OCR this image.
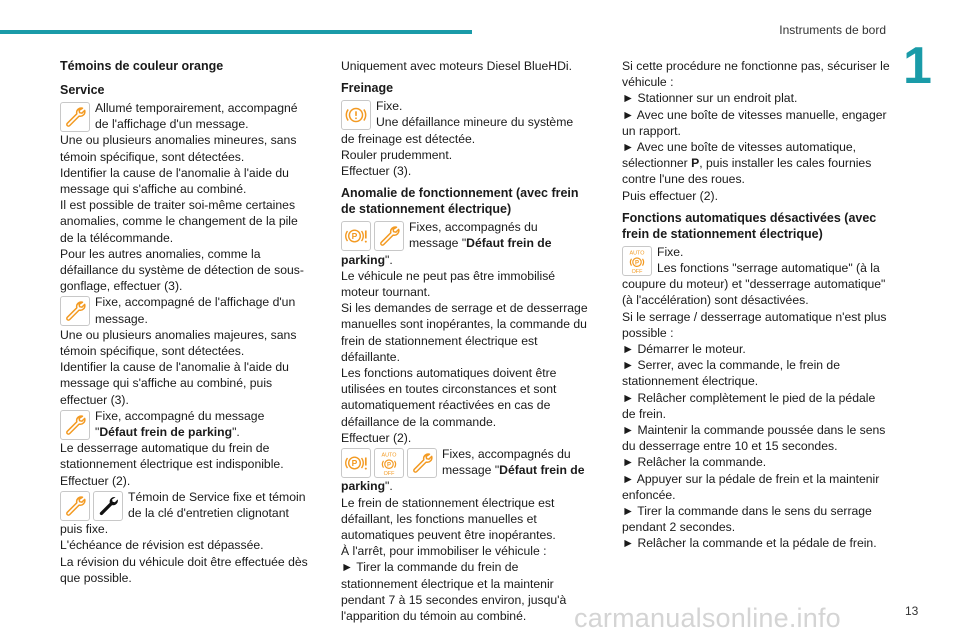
Instruments de bord
1
Témoins de couleur orange
Service

Allumé temporairement, accompagné de l'affichage d'un message.

Une ou plusieurs anomalies mineures, sans témoin spécifique, sont détectées.

Identifier la cause de l'anomalie à l'aide du message qui s'affiche au combiné.

Il est possible de traiter soi-même certaines anomalies, comme le changement de la pile de la télécommande.

Pour les autres anomalies, comme la défaillance du système de détection de sous-gonflage, effectuer (3).

Fixe, accompagné de l'affichage d'un message.

Une ou plusieurs anomalies majeures, sans témoin spécifique, sont détectées.

Identifier la cause de l'anomalie à l'aide du message qui s'affiche au combiné, puis effectuer (3).

Fixe, accompagné du message "Défaut frein de parking".

Le desserrage automatique du frein de stationnement électrique est indisponible.

Effectuer (2).

Témoin de Service fixe et témoin de la clé d'entretien clignotant puis fixe.

L'échéance de révision est dépassée.

La révision du véhicule doit être effectuée dès que possible.

Uniquement avec moteurs Diesel BlueHDi.

Freinage

Fixe.

Une défaillance mineure du système de freinage est détectée.

Rouler prudemment.

Effectuer (3).

Anomalie de fonctionnement (avec frein de stationnement électrique)

Fixes, accompagnés du message "Défaut frein de parking".

Le véhicule ne peut pas être immobilisé moteur tournant.

Si les demandes de serrage et de desserrage manuelles sont inopérantes, la commande du frein de stationnement électrique est défaillante.

Les fonctions automatiques doivent être utilisées en toutes circonstances et sont automatiquement réactivées en cas de défaillance de la commande.

Effectuer (2).

Fixes, accompagnés du message "Défaut frein de parking".

Le frein de stationnement électrique est défaillant, les fonctions manuelles et automatiques peuvent être inopérantes.

À l'arrêt, pour immobiliser le véhicule :

► Tirer la commande du frein de stationnement électrique et la maintenir pendant 7 à 15 secondes environ, jusqu'à l'apparition du témoin au combiné.

Si cette procédure ne fonctionne pas, sécuriser le véhicule :

► Stationner sur un endroit plat.

► Avec une boîte de vitesses manuelle, engager un rapport.

► Avec une boîte de vitesses automatique, sélectionner P, puis installer les cales fournies contre l'une des roues.

Puis effectuer (2).

Fonctions automatiques désactivées (avec frein de stationnement électrique)

Fixe.

Les fonctions "serrage automatique" (à la coupure du moteur) et "desserrage automatique" (à l'accélération) sont désactivées.

Si le serrage / desserrage automatique n'est plus possible :

► Démarrer le moteur.

► Serrer, avec la commande, le frein de stationnement électrique.

► Relâcher complètement le pied de la pédale de frein.

► Maintenir la commande poussée dans le sens du desserrage entre 10 et 15 secondes.

► Relâcher la commande.

► Appuyer sur la pédale de frein et la maintenir enfoncée.

► Tirer la commande dans le sens du serrage pendant 2 secondes.

► Relâcher la commande et la pédale de frein.

carmanualsonline.info	13
